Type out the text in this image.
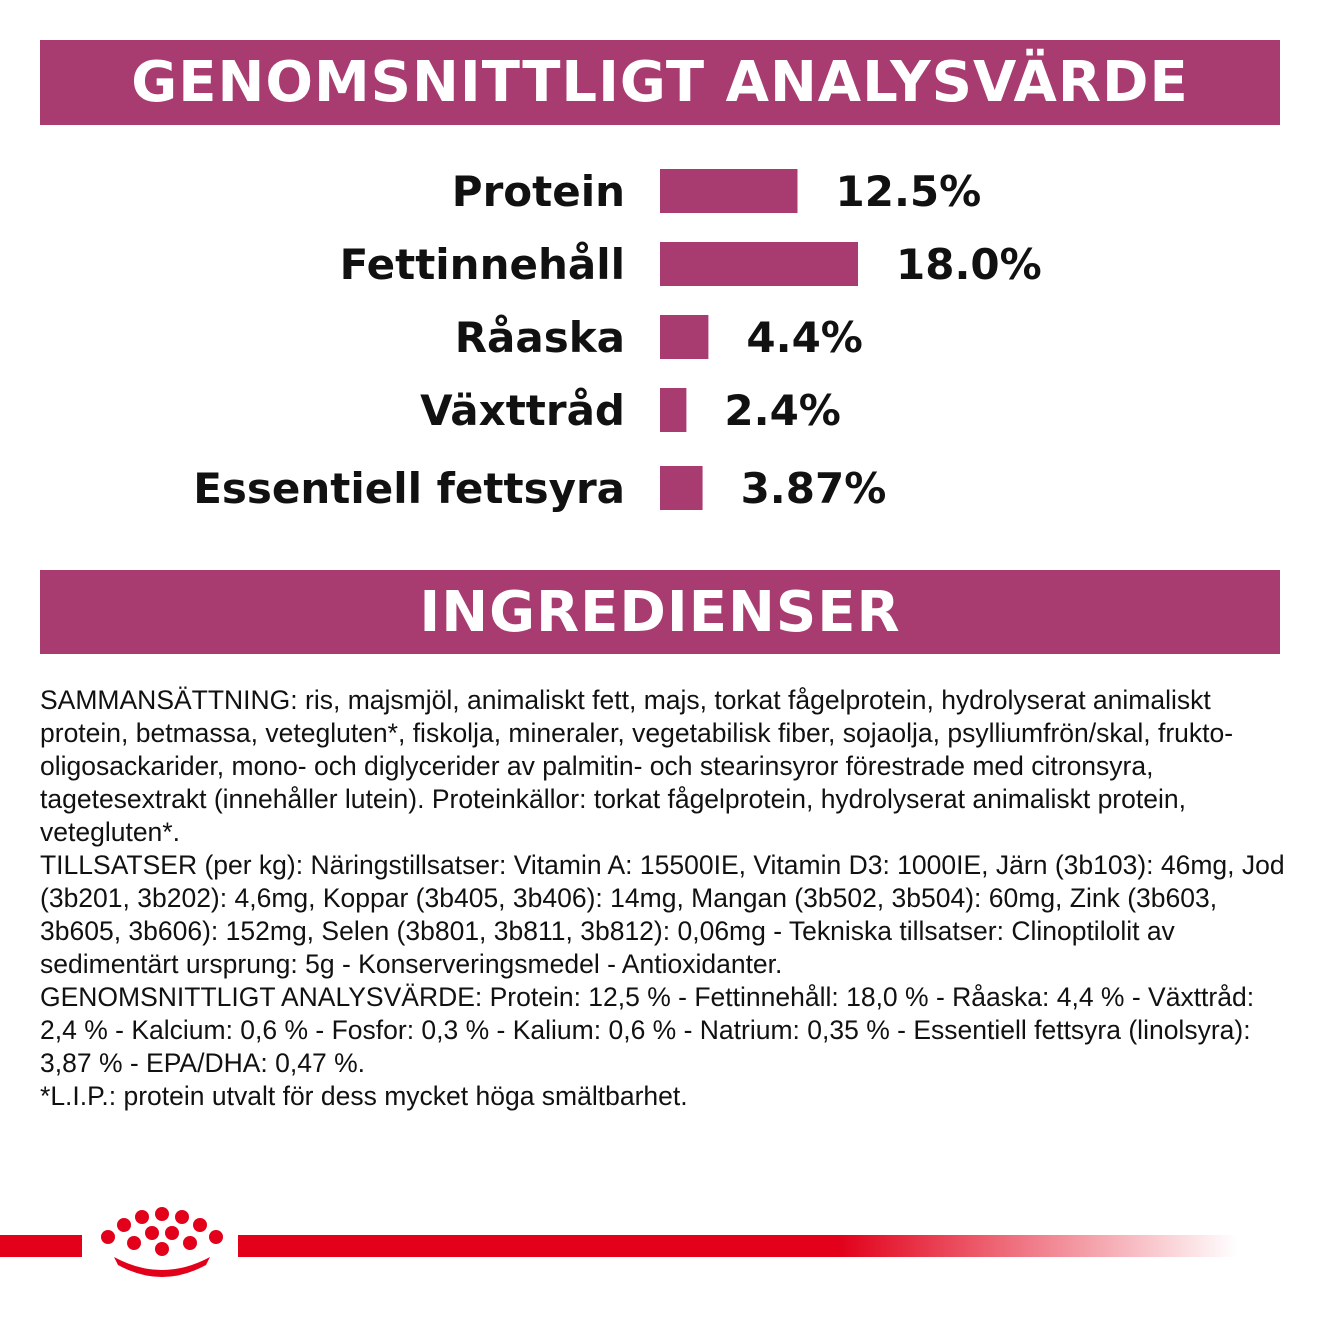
GENOMSNITTLIGT ANALYSVÄRDE
Protein	12.5%
Fettinnehåll	18.0%
Råaska	4.4%
Växttråd 2.4%
Essentiell fettsyra	3.87%
INGREDIENSER

SAMMANSÄTTNING: ris, majsmjöl, animaliskt fett, majs, torkat fågelprotein, hydrolyserat animaliskt protein, betmassa, vetegluten*, fiskolja, mineraler, vegetabilisk fiber, sojaolja, psylliumfrön/skal, frukto-oligosackarider, mono- och diglycerider av palmitin- och stearinsyror förestrade med citronsyra, tagetesextrakt (innehåller lutein). Proteinkällor: torkat fågelprotein, hydrolyserat animaliskt protein, vetegluten*.

TILLSATSER (per kg): Näringstillsatser: Vitamin A: 15500IE, Vitamin D3: 1000IE, Järn (3b103): 46mg, Jod (3b201, 3b202): 4,6mg, Koppar (3b405, 3b406): 14mg, Mangan (3b502, 3b504): 60mg, Zink (3b603, 3b605, 3b606): 152mg, Selen (3b801, 3b811, 3b812): 0,06mg - Tekniska tillsatser: Clinoptilolit av sedimentärt ursprung: 5g - Konserveringsmedel - Antioxidanter.

GENOMSNITTLIGT ANALYSVÄRDE: Protein: 12,5 % - Fettinnehåll: 18,0 % - Råaska: 4,4 % - Växttråd: 2,4 % - Kalcium: 0,6 % - Fosfor: 0,3 % - Kalium: 0,6 % - Natrium: 0,35 % - Essentiell fettsyra (linolsyra): 3,87 % - EPA/DHA: 0,47 %.

*L.I.P.: protein utvalt för dess mycket höga smältbarhet.
